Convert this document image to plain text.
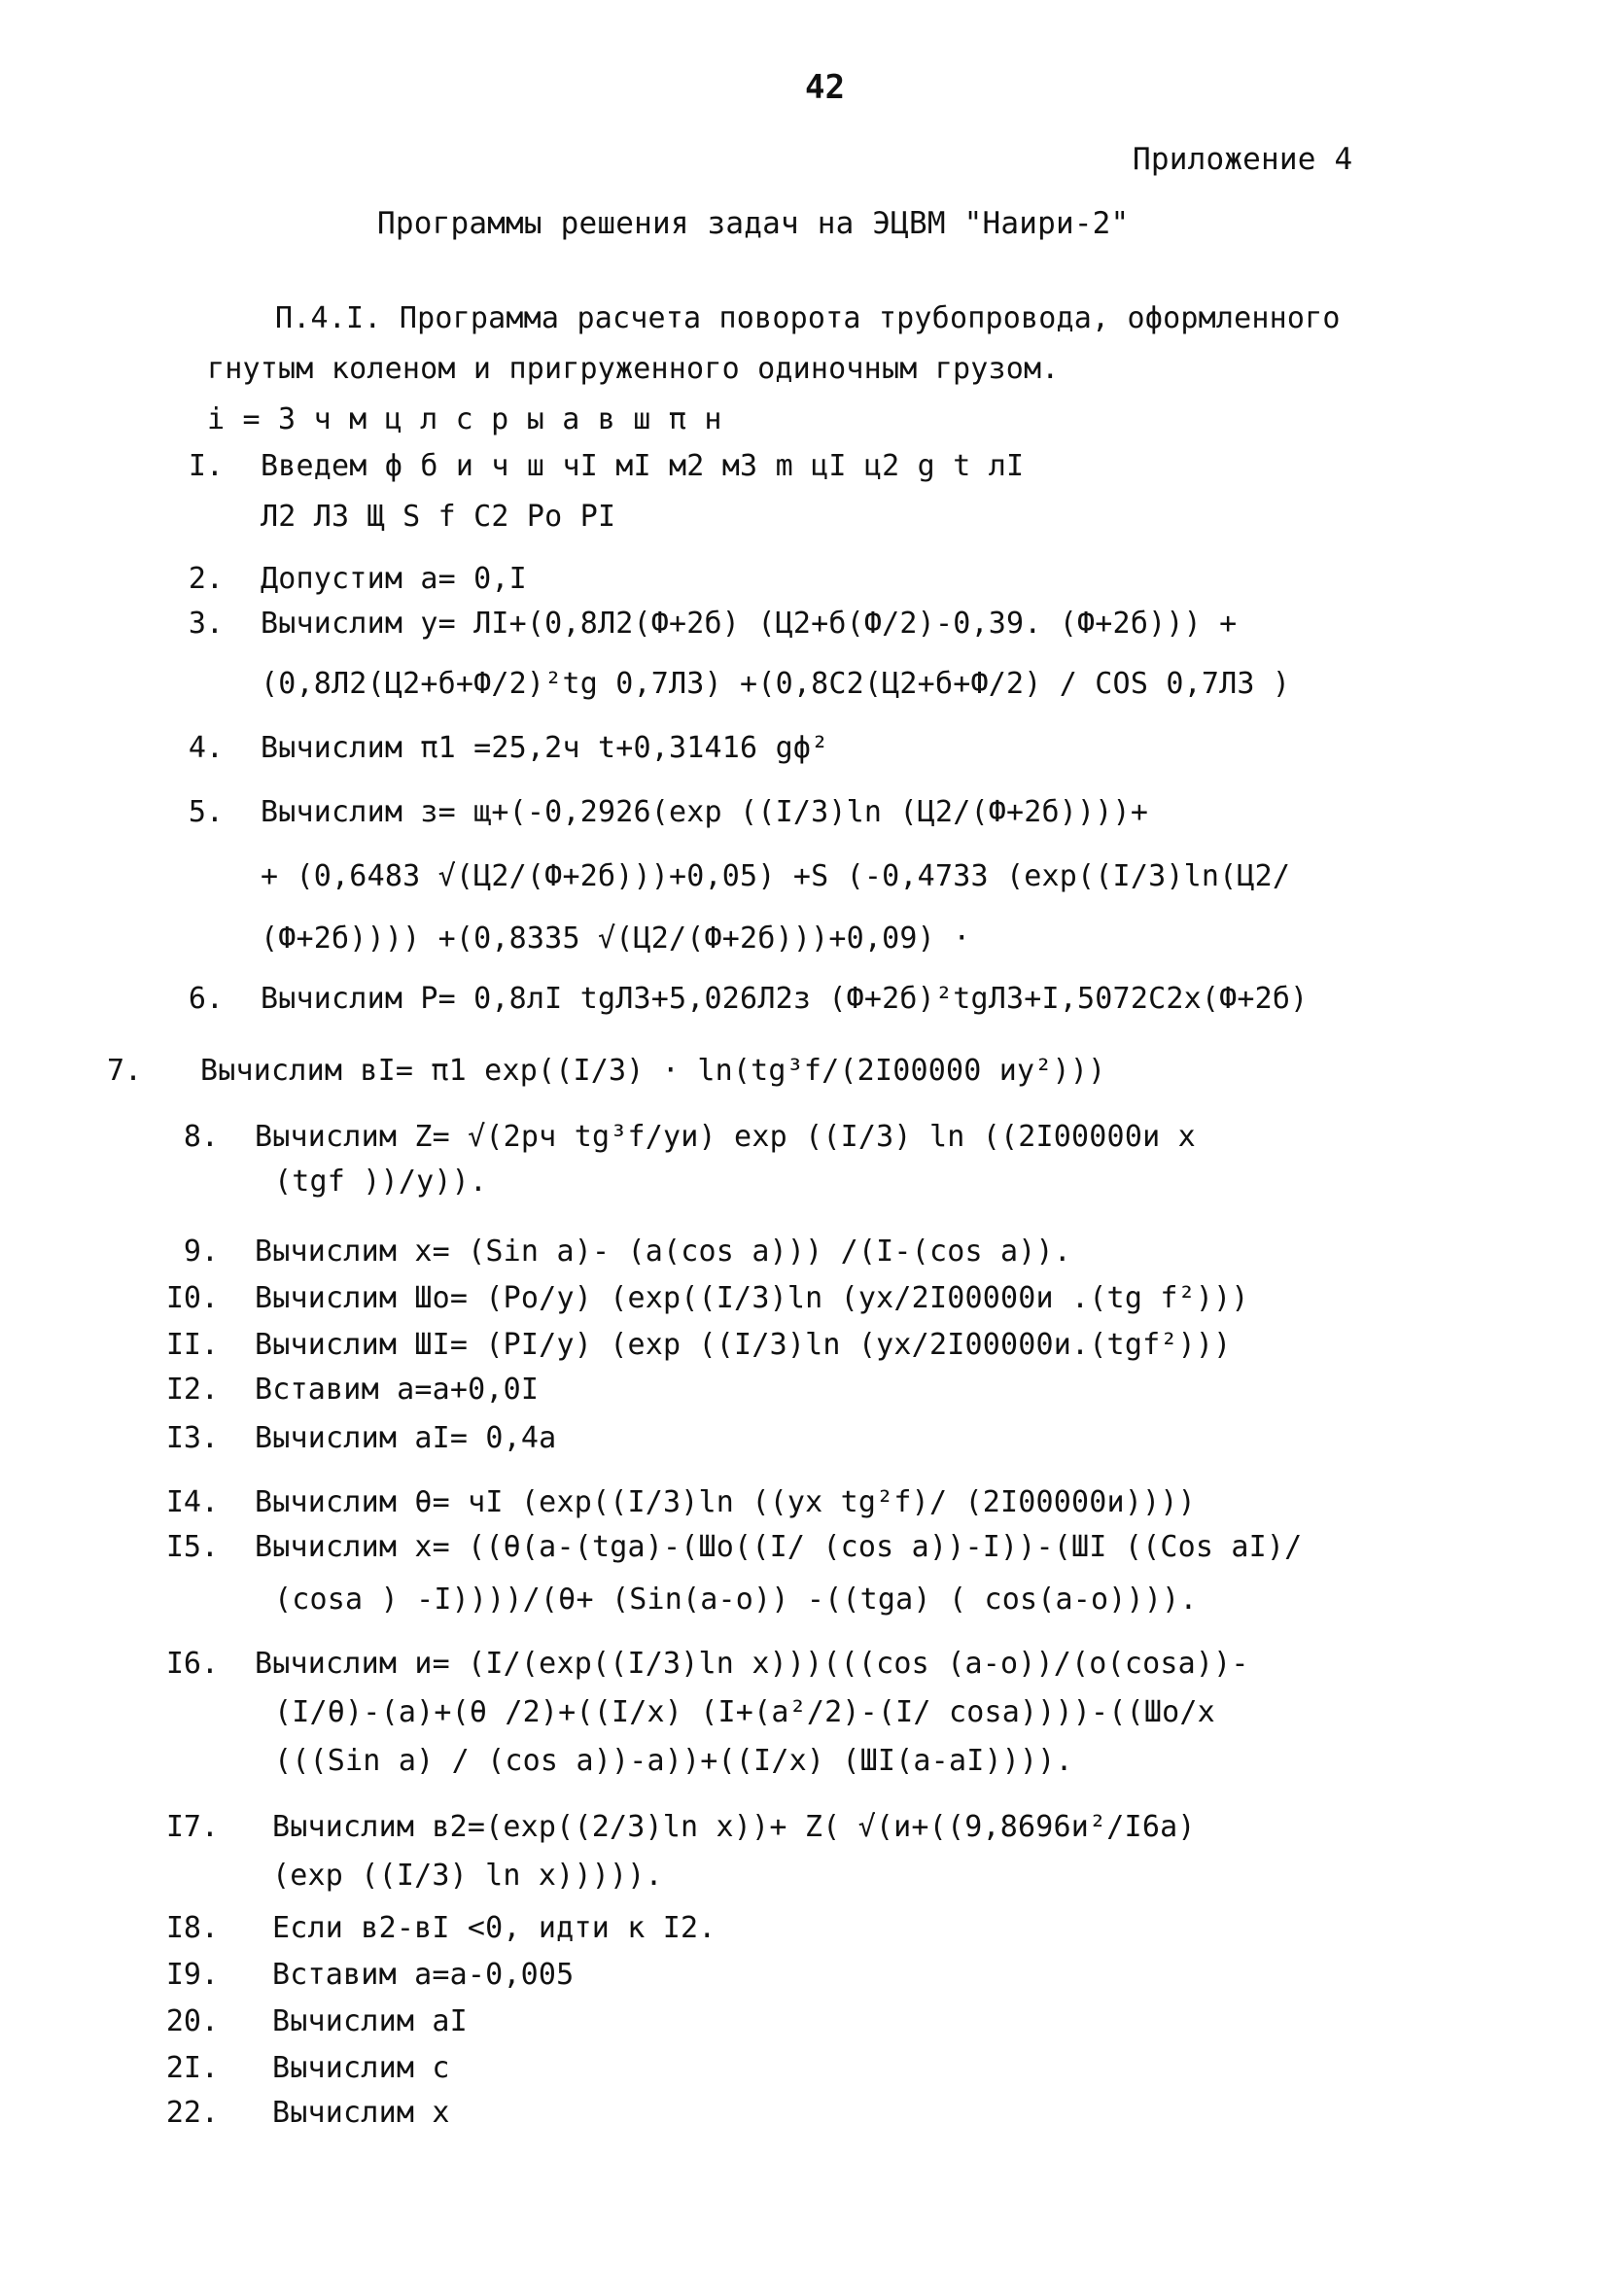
42
Приложение 4
Программы решения задач на ЭЦВМ "Наири-2"
П.4.I. Программа расчета поворота трубопровода, оформленного
гнутым коленом и пригруженного одиночным грузом.
i = 3 ч м ц л с р ы а в ш π н
I. Введем ф б и ч ш чI мI м2 м3 m цI ц2 g t лI
Л2 Л3 Щ S f С2 Pо PI
2. Допустим a= 0,I
3. Вычислим у= ЛI+(0,8Л2(Ф+2б) (Ц2+б(Ф/2)-0,39. (Ф+2б))) +
(0,8Л2(Ц2+б+Ф/2)²tg 0,7Л3) +(0,8С2(Ц2+б+Ф/2) / COS 0,7Л3 )
4. Вычислим π1 =25,2ч t+0,31416 gф²
5. Вычислим з= щ+(-0,2926(exp ((I/3)ln (Ц2/(Ф+2б))))+
+ (0,6483 √(Ц2/(Ф+2б)))+0,05) +S (-0,4733 (exp((I/3)ln(Ц2/
(Ф+2б)))) +(0,8335 √(Ц2/(Ф+2б)))+0,09) ·
6. Вычислим P= 0,8лI tgЛ3+5,026Л2з (Ф+2б)²tgЛ3+I,5072С2x(Ф+2б)
7.	Вычислим вI= π1 exp((I/3) · ln(tg³f/(2I00000 иу²)))
8. Вычислим Z= √(2рч tg³f/уи) exp ((I/3) ln ((2I00000и x
(tgf ))/у)).
9. Вычислим x= (Sin a)- (a(cos a))) /(I-(cos a)).
I0. Вычислим Шо= (Pо/у) (exp((I/3)ln (ух/2I00000и .(tg f²)))
II. Вычислим ШI= (PI/у) (exp ((I/3)ln (ух/2I00000и.(tgf²)))
I2. Вставим a=a+0,0I
I3. Вычислим aI= 0,4a
I4. Вычислим θ= чI (exp((I/3)ln ((ух tg²f)/ (2I00000и))))
I5. Вычислим x= ((θ(a-(tga)-(Шо((I/ (cos a))-I))-(ШI ((Cos aI)/
(cosa ) -I))))/(θ+ (Sin(a-o)) -((tga) ( cos(a-o)))).
I6. Вычислим и= (I/(exp((I/3)ln x)))(((cos (a-o))/(o(cosa))-
(I/θ)-(a)+(θ /2)+((I/x) (I+(a²/2)-(I/ cosa))))-((Шо/x
(((Sin a) / (cos a))-a))+((I/x) (ШI(a-aI)))).
I7. Вычислим в2=(exp((2/3)ln x))+ Z( √(и+((9,8696и²/I6a)
(exp ((I/3) ln x))))).
I8. Если в2-вI <0, идти к I2.
I9. Вставим a=a-0,005
20. Вычислим aI
2I. Вычислим c
22. Вычислим x
